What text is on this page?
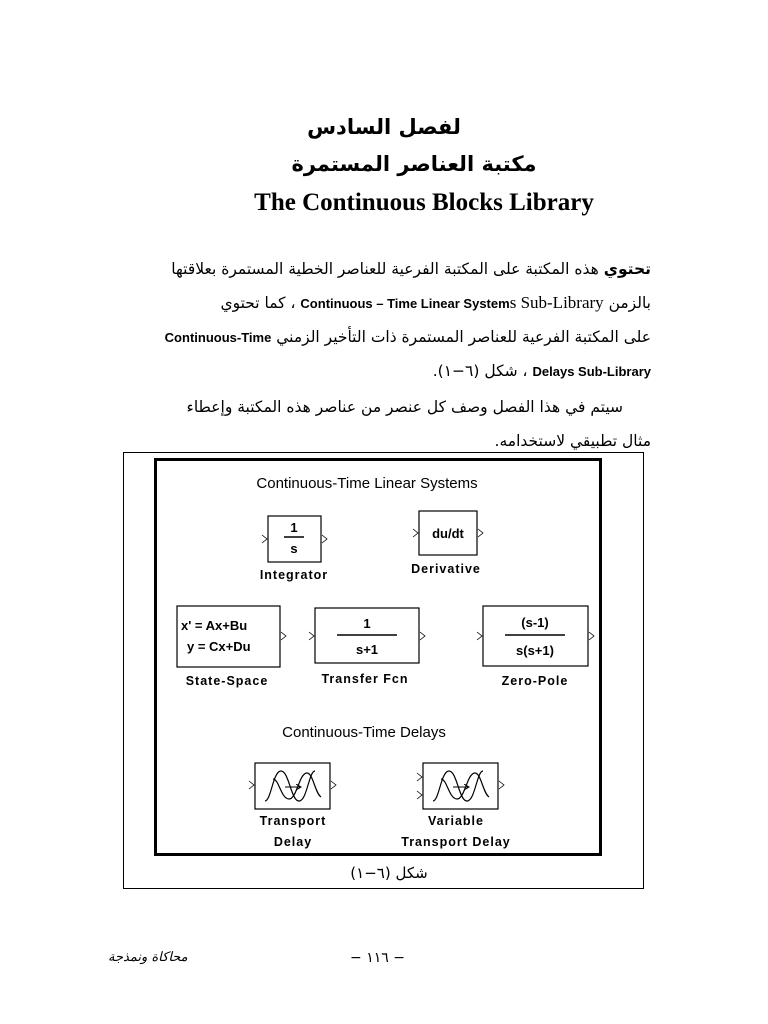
لفصل السادس
مكتبة العناصر المستمرة
The Continuous Blocks Library
تحتوي هذه المكتبة على المكتبة الفرعية للعناصر الخطية المستمرة بعلاقتها
بالزمن Continuous – Time Linear Systems Sub-Library ، كما تحتوي
على المكتبة الفرعية للعناصر المستمرة ذات التأخير الزمني Continuous-Time
Delays Sub-Library ، شكل (٦−١).
سيتم في هذا الفصل وصف كل عنصر من عناصر هذه المكتبة وإعطاء
مثال تطبيقي لاستخدامه.
Continuous-Time Linear Systems
1
s
Integrator
du/dt
Derivative
x' = Ax+Bu
y = Cx+Du
State-Space
1
s+1
Transfer Fcn
(s-1)
s(s+1)
Zero-Pole
Continuous-Time Delays
Transport
Delay
Variable
Transport Delay
شكل (٦−١)
− ١١٦ −
محاكاة ونمذجة
